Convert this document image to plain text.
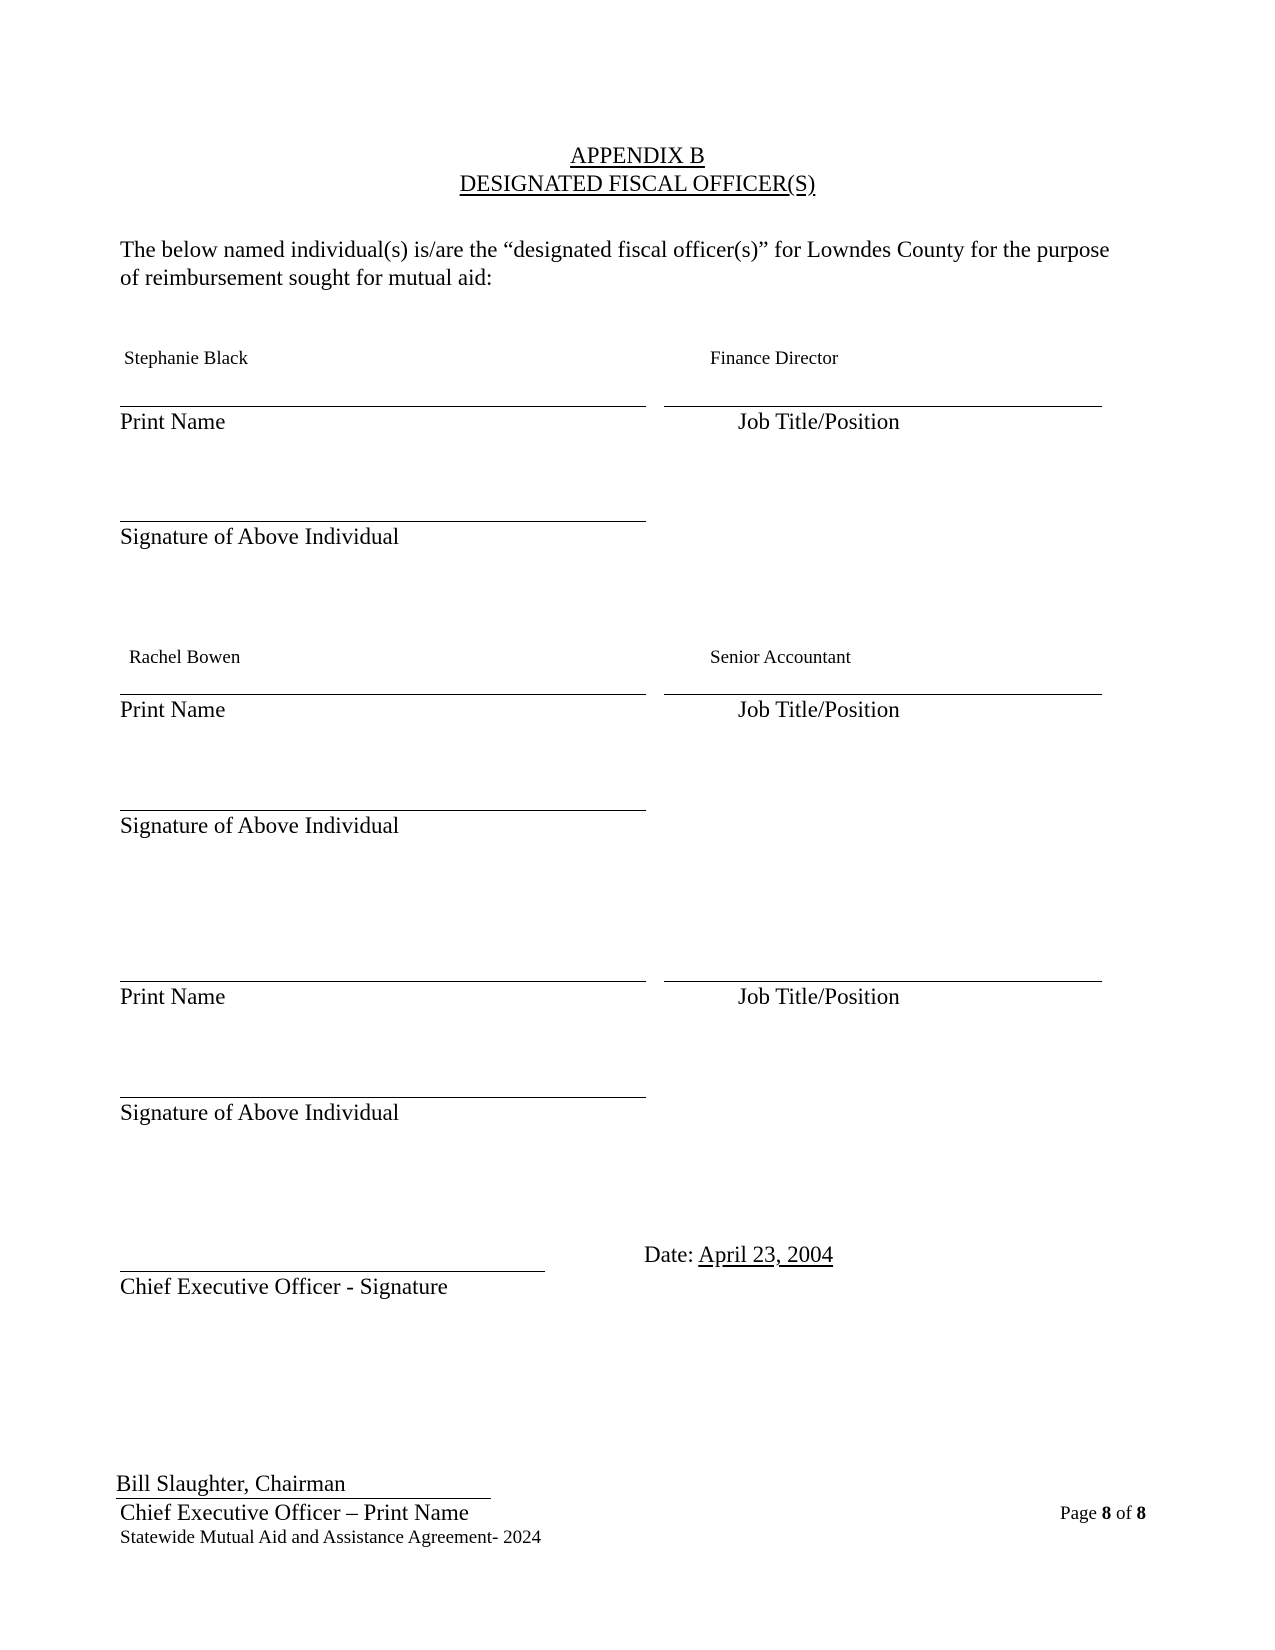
APPENDIX B
DESIGNATED FISCAL OFFICER(S)
The below named individual(s) is/are the “designated fiscal officer(s)” for Lowndes County for the purpose of reimbursement sought for mutual aid:
Stephanie Black	Finance Director
Print Name	Job Title/Position
Signature of Above Individual
Rachel Bowen	Senior Accountant
Print Name	Job Title/Position
Signature of Above Individual
Print Name	Job Title/Position
Signature of Above Individual
Chief Executive Officer - Signature
Date: April 23, 2004
Bill Slaughter, Chairman
Chief Executive Officer – Print Name
Statewide Mutual Aid and Assistance Agreement- 2024
Page 8 of 8
